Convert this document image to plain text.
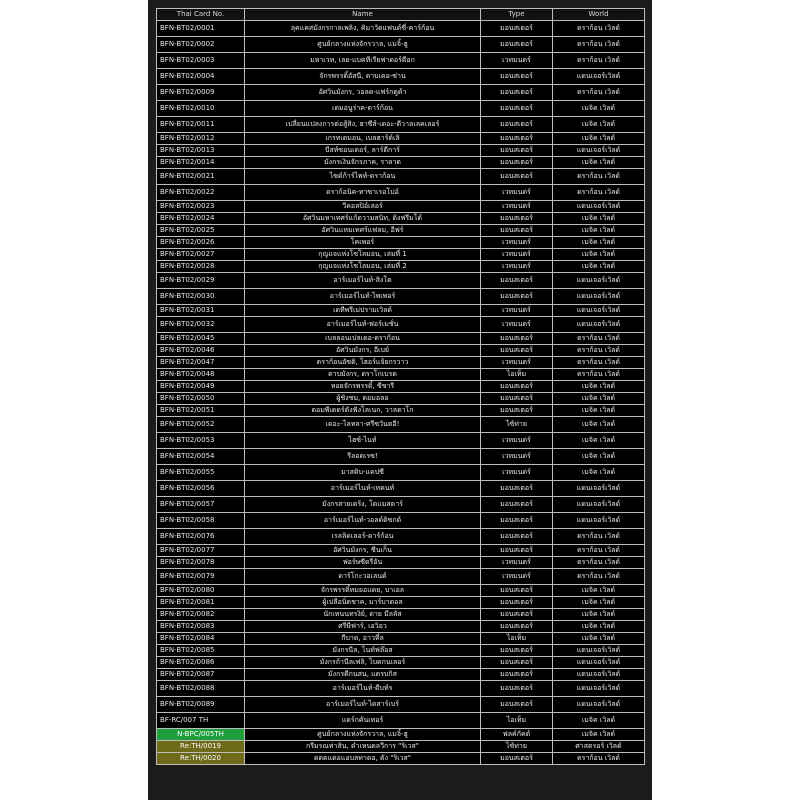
Thai Card No.	Name	Type	World
BFN-BT02/0001	ลุคแคสมังกรกาลเพลิง, คิมาวัตแฟนด์ซี่-คาร์ก้อน	มอนสเตอร์	ดราก้อน เวิลด์
BFN-BT02/0002	ศูนย์กลางแห่งจักรวาล, แมจิ้-ฮู	มอนสเตอร์	ดราก้อน เวิลด์
BFN-BT02/0003	มหาเวท, เลย-แบคทีเรียฟาดอร์ดีอก	เวทมนตร์	ดราก้อน เวิลด์
BFN-BT02/0004	จักรพรรดิ์อัสนี, ดาบเดอ-ซ่าน	มอนสเตอร์	แดนเจอร์เวิลด์
BFN-BT02/0009	อัศวินมังกร, วอลด-แฟร์กดูด้า	มอนสเตอร์	ดราก้อน เวิลด์
BFN-BT02/0010	เดมอนูร่าค-ดาร์ก้อน	มอนสเตอร์	เมจิค เวิลด์
BFN-BT02/0011	เปลี่ยนแปลงการต่อสู้สิง, ฮาซีส์-เดอะ-ดีวาลเลคเลอร์	มอนสเตอร์	เมจิค เวิลด์
BFN-BT02/0012	เกรทเดมอน, เบลฮาร์ด์เลิ	มอนสเตอร์	เมจิค เวิลด์
BFN-BT02/0013	บีสท์ซอนเดอร์, ลาร์ดีการ์	มอนสเตอร์	แดนเจอร์เวิลด์
BFN-BT02/0014	มังกรเงินจักรภาค, ราลาด	มอนสเตอร์	เมจิค เวิลด์
BFN-BT02/0021	ไซด์ก้าร์ไพท์-ดราก้อน	มอนสเตอร์	ดราก้อน เวิลด์
BFN-BT02/0022	ดราก้อนิค-ทาซาเรอโปอ์	เวทมนตร์	ดราก้อน เวิลด์
BFN-BT02/0023	วีคอลปิอ์เลอร์	เวทมนตร์	แดนเจอร์เวิลด์
BFN-BT02/0024	อัศวินมหาเทศร์แก้ดวามสนิท, ดิงฟรีมโด้	มอนสเตอร์	เมจิค เวิลด์
BFN-BT02/0025	อัศวินแหมเทศร์แฟลม, อีฟร์	มอนสเตอร์	เมจิค เวิลด์
BFN-BT02/0026	โคเพอร์	เวทมนตร์	เมจิค เวิลด์
BFN-BT02/0027	กุญแจแห่งโซโลมอน, เล่มที่ 1	เวทมนตร์	เมจิค เวิลด์
BFN-BT02/0028	กุญแจแห่งโซโลมอน, เล่มที่ 2	เวทมนตร์	เมจิค เวิลด์
BFN-BT02/0029	อาร์เมอร์ไนท์-สิงโต	มอนสเตอร์	แดนเจอร์เวิลด์
BFN-BT02/0030	อาร์เมอร์ไนท์-ไพเพอร์	มอนสเตอร์	แดนเจอร์เวิลด์
BFN-BT02/0031	เดทีพรีเม่ปรามเวิลด์	เวทมนตร์	แดนเจอร์เวิลด์
BFN-BT02/0032	อาร์เมอร์ไนท์-ฟอร์เมชั่น	เวทมนตร์	แดนเจอร์เวิลด์
BFN-BT02/0045	เบลลอนเปลเดอ-ดราก้อน	มอนสเตอร์	ดราก้อน เวิลด์
BFN-BT02/0046	อัศวินมังกร, อีเบย์	มอนสเตอร์	ดราก้อน เวิลด์
BFN-BT02/0047	ดราก้อนอัซติ, ไฮอร์แจ้ยกรวาว	เวทมนตร์	ดราก้อน เวิลด์
BFN-BT02/0048	ดาบมังกร, ดราโกเบรด	ไอเท็ม	ดราก้อน เวิลด์
BFN-BT02/0049	หอยจักรพรรดิ์, ซีชารี	มอนสเตอร์	เมจิค เวิลด์
BFN-BT02/0050	ผู้ชิงชม, ดอมอลอ	มอนสเตอร์	เมจิค เวิลด์
BFN-BT02/0051	ดอมพีเดดร์ดังฟังโลเนก, วาลดาโก	มอนสเตอร์	เมจิค เวิลด์
BFN-BT02/0052	เดอะ-ไลทลา-ศรีซวันตอี!	ไซ้ท่าย	เมจิค เวิลด์
BFN-BT02/0053	ไฮซ์-ไนท์	เวทมนตร์	เมจิค เวิลด์
BFN-BT02/0054	รีลอดเรซ!	เวทมนตร์	เมจิค เวิลด์
BFN-BT02/0055	มาสดิบ-แคปซี	เวทมนตร์	เมจิค เวิลด์
BFN-BT02/0056	อาร์เมอร์ไนท์-เทคนท์	มอนสเตอร์	แดนเจอร์เวิลด์
BFN-BT02/0057	มังกรสายเตร้ง, โดแมสดาร์	มอนสเตอร์	แดนเจอร์เวิลด์
BFN-BT02/0058	อาร์เมอร์ไนท์-วอลด์ดิซกด์	มอนสเตอร์	แดนเจอร์เวิลด์
BFN-BT02/0076	เรลลิดเลอร์-ดาร์ก้อน	มอนสเตอร์	ดราก้อน เวิลด์
BFN-BT02/0077	อัศวินมังกร, ซีนเก็น	มอนสเตอร์	ดราก้อน เวิลด์
BFN-BT02/0078	ฟอร์ษซีดรีอัน	เวทมนตร์	ดราก้อน เวิลด์
BFN-BT02/0079	ดาร์โกะวอเลนต์	เวทมนตร์	ดราก้อน เวิลด์
BFN-BT02/0080	จักรพรรดิ์ทมยอแดย, บาเอล	มอนสเตอร์	เมจิค เวิลด์
BFN-BT02/0081	ผู้เปลือนิ่ดชาค, มาร์บาดอล	มอนสเตอร์	เมจิค เวิลด์
BFN-BT02/0082	นักเทนนทรงิย์, ดาย มีลลัส	มอนสเตอร์	เมจิค เวิลด์
BFN-BT02/0083	ศรีษีฟาร์, เอวิอว	มอนสเตอร์	เมจิค เวิลด์
BFN-BT02/0084	กีบาด, อาวที่ล	ไอเท็ม	เมจิค เวิลด์
BFN-BT02/0085	มังกรนีล, ไนท์ฟล๊อส	มอนสเตอร์	แดนเจอร์เวิลด์
BFN-BT02/0086	มังกรถ้านีลเฟลิ, ไบดกนเลอร์	มอนสเตอร์	แดนเจอร์เวิลด์
BFN-BT02/0087	มังกรดีกนสน, แดรบกิส	มอนสเตอร์	แดนเจอร์เวิลด์
BFN-BT02/0088	อาร์เมอร์ไนท์-ดีบท์ร	มอนสเตอร์	แดนเจอร์เวิลด์
BFN-BT02/0089	อาร์เมอร์ไนท์-ไดสาร์เบร์	มอนสเตอร์	แดนเจอร์เวิลด์
BF-RC/007 TH	แดร์กคันเทอร์	ไอเท็ม	เมจิค เวิลด์
N-BPC/005TH	ศูนย์กลางแห่งจักรวาล, แมจิ้-ฮู	ฟลค์กัคต์	เมจิค เวิลด์
Re:TH/0019	กรีมรณท่าสิน, ดำเหนดลวีการ "ริเวส"	ไซ้ท่าย	ศาสตรอร์ เวิลด์
Re:TH/0020	ดดดแดอแอบลทาดอ, ดัง "ริเวส"	มอนสเตอร์	ดราก้อน เวิลด์
